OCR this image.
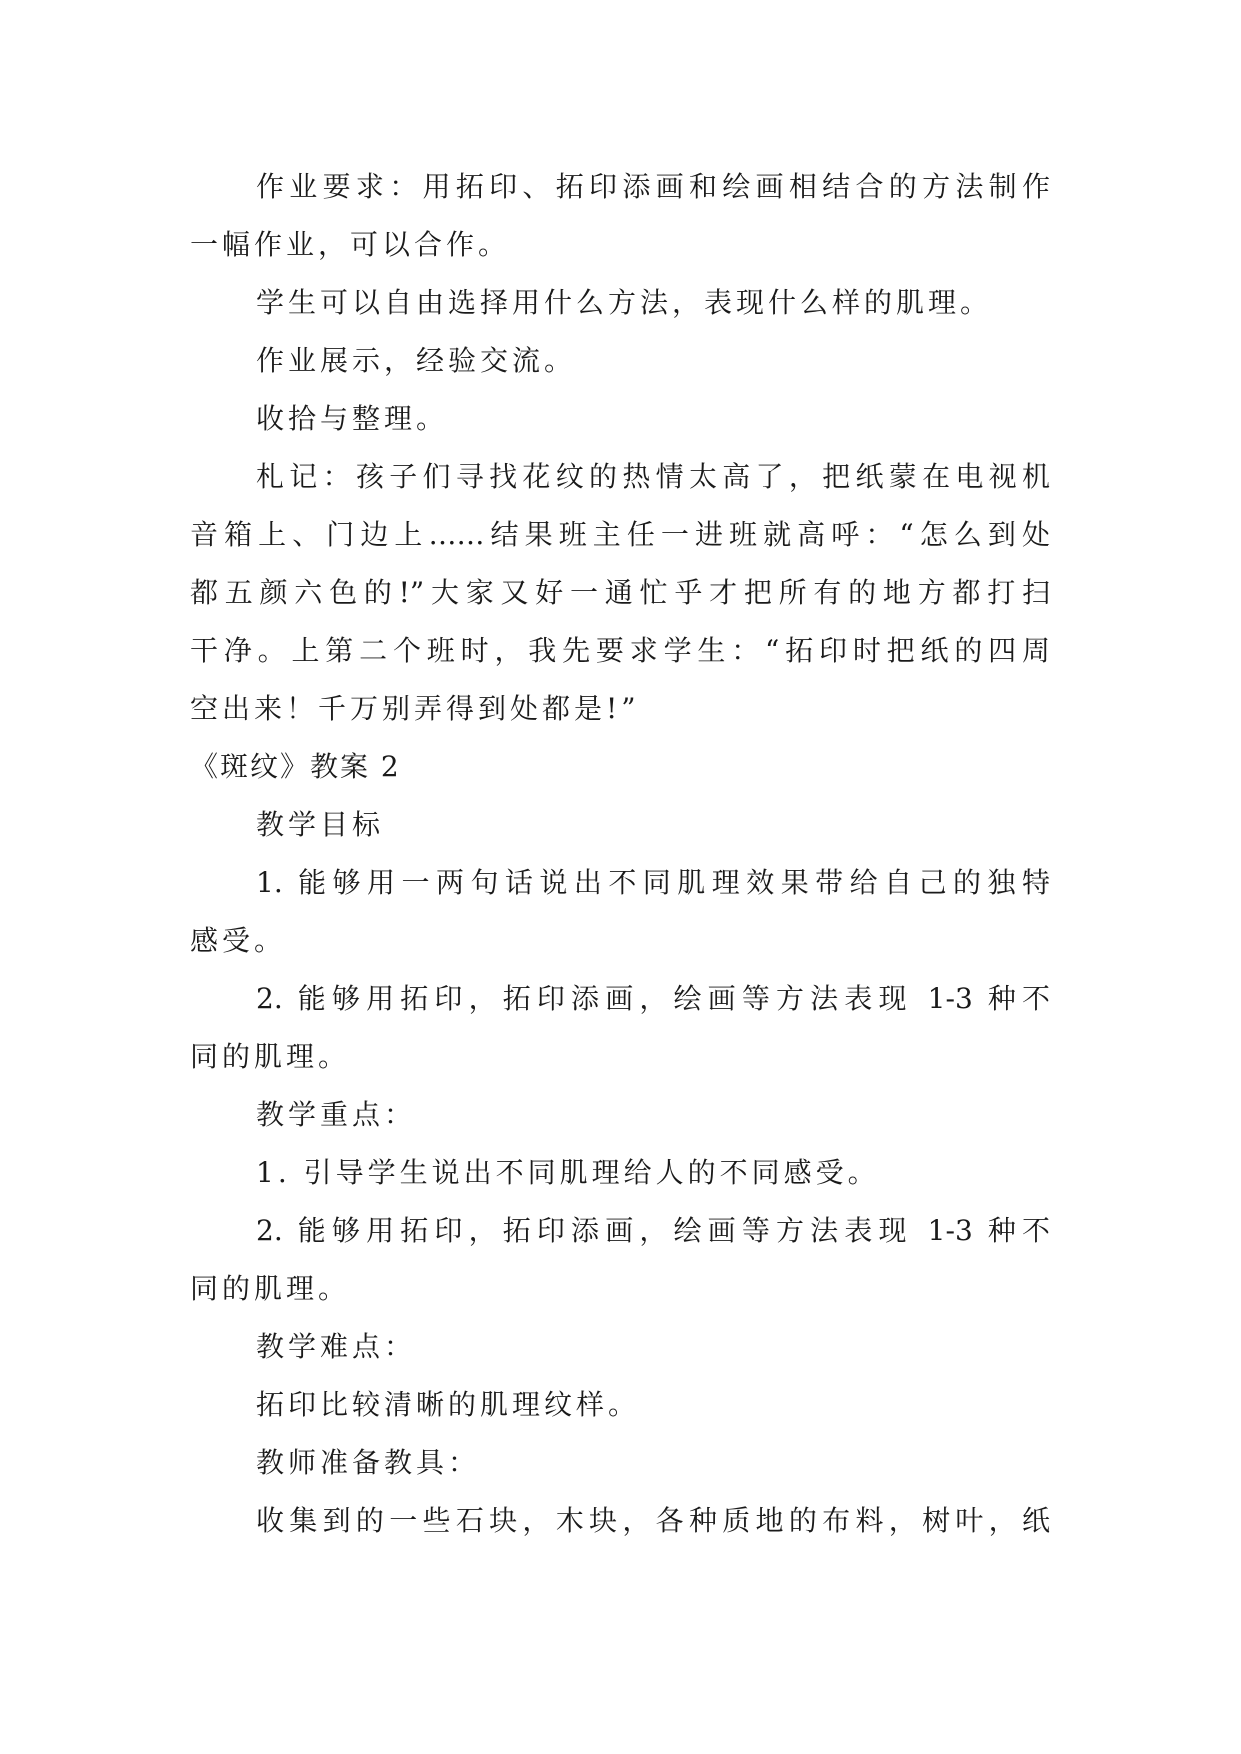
作业要求：用拓印、拓印添画和绘画相结合的方法制作

一幅作业，可以合作。

学生可以自由选择用什么方法，表现什么样的肌理。

作业展示，经验交流。

收拾与整理。

札记：孩子们寻找花纹的热情太高了，把纸蒙在电视机

音箱上、门边上……结果班主任一进班就高呼：“怎么到处

都五颜六色的!”大家又好一通忙乎才把所有的地方都打扫

干净。上第二个班时，我先要求学生：“拓印时把纸的四周

空出来！千万别弄得到处都是!”

《斑纹》教案 2

教学目标

1. 能够用一两句话说出不同肌理效果带给自己的独特

感受。

2. 能够用拓印，拓印添画，绘画等方法表现 1-3 种不

同的肌理。

教学重点：

1. 引导学生说出不同肌理给人的不同感受。

2. 能够用拓印，拓印添画，绘画等方法表现 1-3 种不

同的肌理。

教学难点：

拓印比较清晰的肌理纹样。

教师准备教具：

收集到的一些石块，木块，各种质地的布料，树叶，纸
